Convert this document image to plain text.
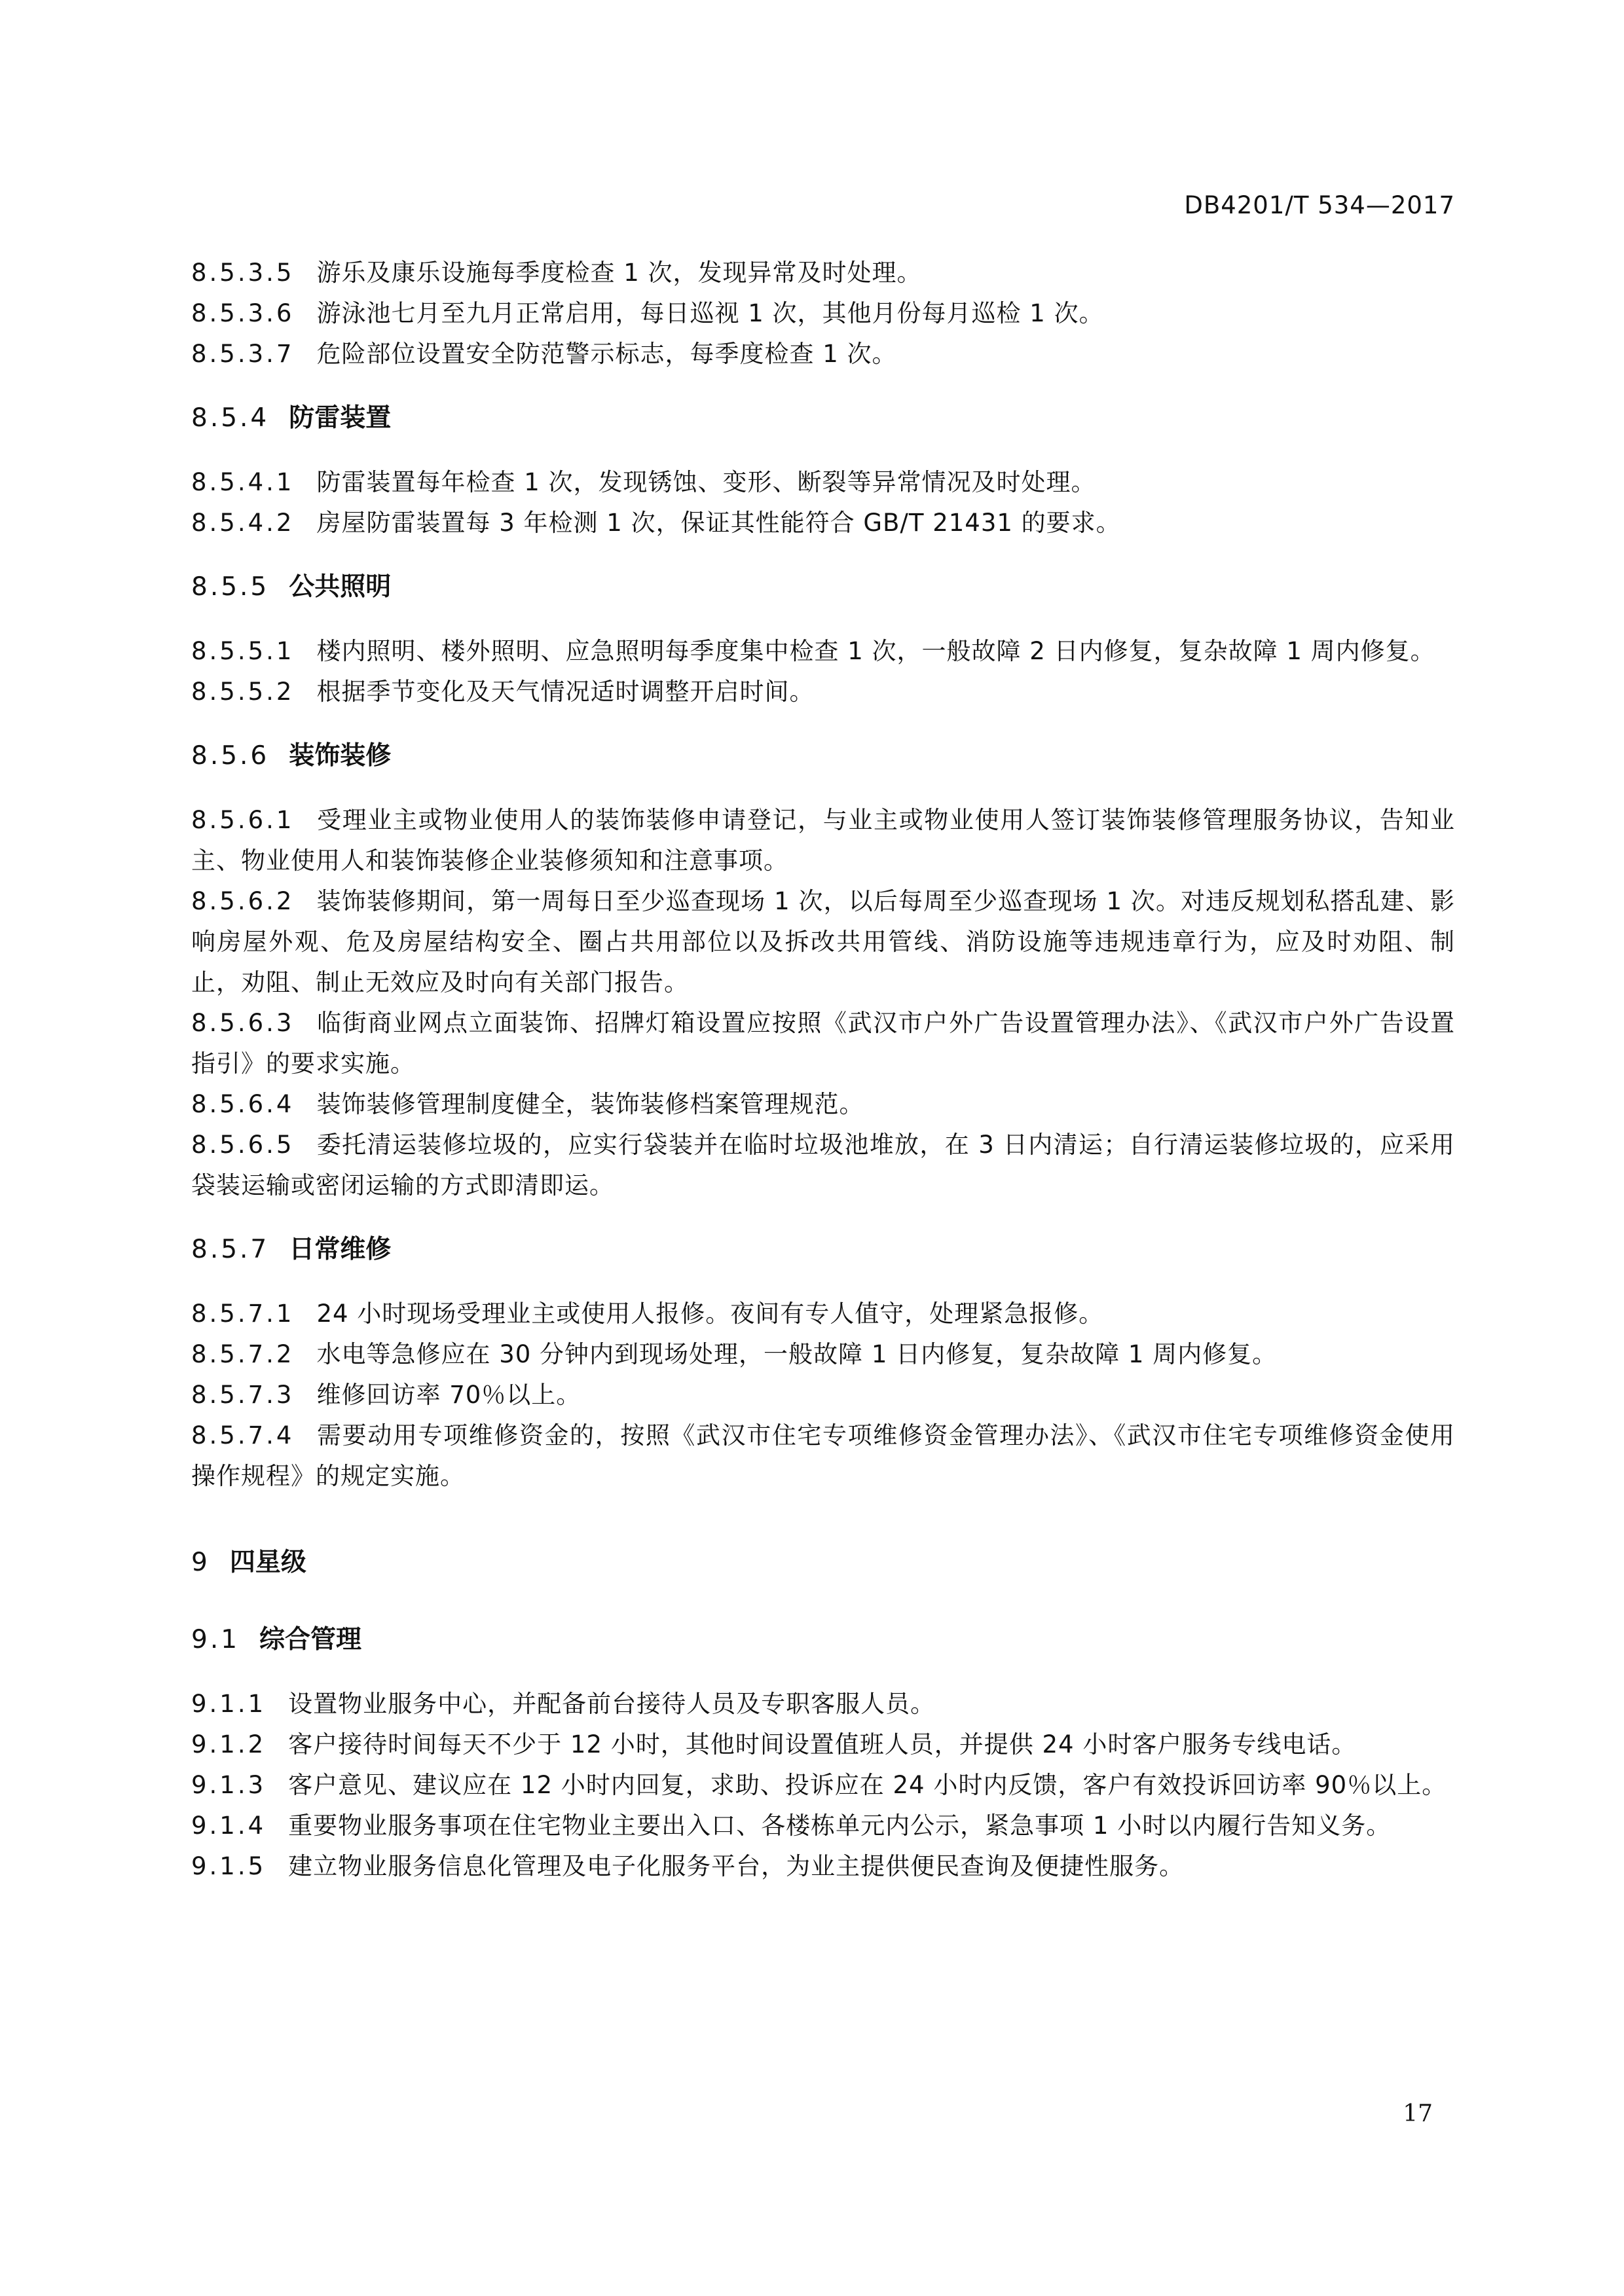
DB4201/T 534—2017
8.5.3.5 游乐及康乐设施每季度检查 1 次，发现异常及时处理。
8.5.3.6 游泳池七月至九月正常启用，每日巡视 1 次，其他月份每月巡检 1 次。
8.5.3.7 危险部位设置安全防范警示标志，每季度检查 1 次。
8.5.4 防雷装置
8.5.4.1 防雷装置每年检查 1 次，发现锈蚀、变形、断裂等异常情况及时处理。
8.5.4.2 房屋防雷装置每 3 年检测 1 次，保证其性能符合 GB/T 21431 的要求。
8.5.5 公共照明
8.5.5.1 楼内照明、楼外照明、应急照明每季度集中检查 1 次，一般故障 2 日内修复，复杂故障 1 周内修复。
8.5.5.2 根据季节变化及天气情况适时调整开启时间。
8.5.6 装饰装修
8.5.6.1 受理业主或物业使用人的装饰装修申请登记，与业主或物业使用人签订装饰装修管理服务协议，告知业主、物业使用人和装饰装修企业装修须知和注意事项。
8.5.6.2 装饰装修期间，第一周每日至少巡查现场 1 次，以后每周至少巡查现场 1 次。对违反规划私搭乱建、影响房屋外观、危及房屋结构安全、圈占共用部位以及拆改共用管线、消防设施等违规违章行为，应及时劝阻、制止，劝阻、制止无效应及时向有关部门报告。
8.5.6.3 临街商业网点立面装饰、招牌灯箱设置应按照《武汉市户外广告设置管理办法》、《武汉市户外广告设置指引》的要求实施。
8.5.6.4 装饰装修管理制度健全，装饰装修档案管理规范。
8.5.6.5 委托清运装修垃圾的，应实行袋装并在临时垃圾池堆放，在 3 日内清运；自行清运装修垃圾的，应采用袋装运输或密闭运输的方式即清即运。
8.5.7 日常维修
8.5.7.1 24 小时现场受理业主或使用人报修。夜间有专人值守，处理紧急报修。
8.5.7.2 水电等急修应在 30 分钟内到现场处理，一般故障 1 日内修复，复杂故障 1 周内修复。
8.5.7.3 维修回访率 70％以上。
8.5.7.4 需要动用专项维修资金的，按照《武汉市住宅专项维修资金管理办法》、《武汉市住宅专项维修资金使用操作规程》的规定实施。
9 四星级
9.1 综合管理
9.1.1 设置物业服务中心，并配备前台接待人员及专职客服人员。
9.1.2 客户接待时间每天不少于 12 小时，其他时间设置值班人员，并提供 24 小时客户服务专线电话。
9.1.3 客户意见、建议应在 12 小时内回复，求助、投诉应在 24 小时内反馈，客户有效投诉回访率 90％以上。
9.1.4 重要物业服务事项在住宅物业主要出入口、各楼栋单元内公示，紧急事项 1 小时以内履行告知义务。
9.1.5 建立物业服务信息化管理及电子化服务平台，为业主提供便民查询及便捷性服务。
17
